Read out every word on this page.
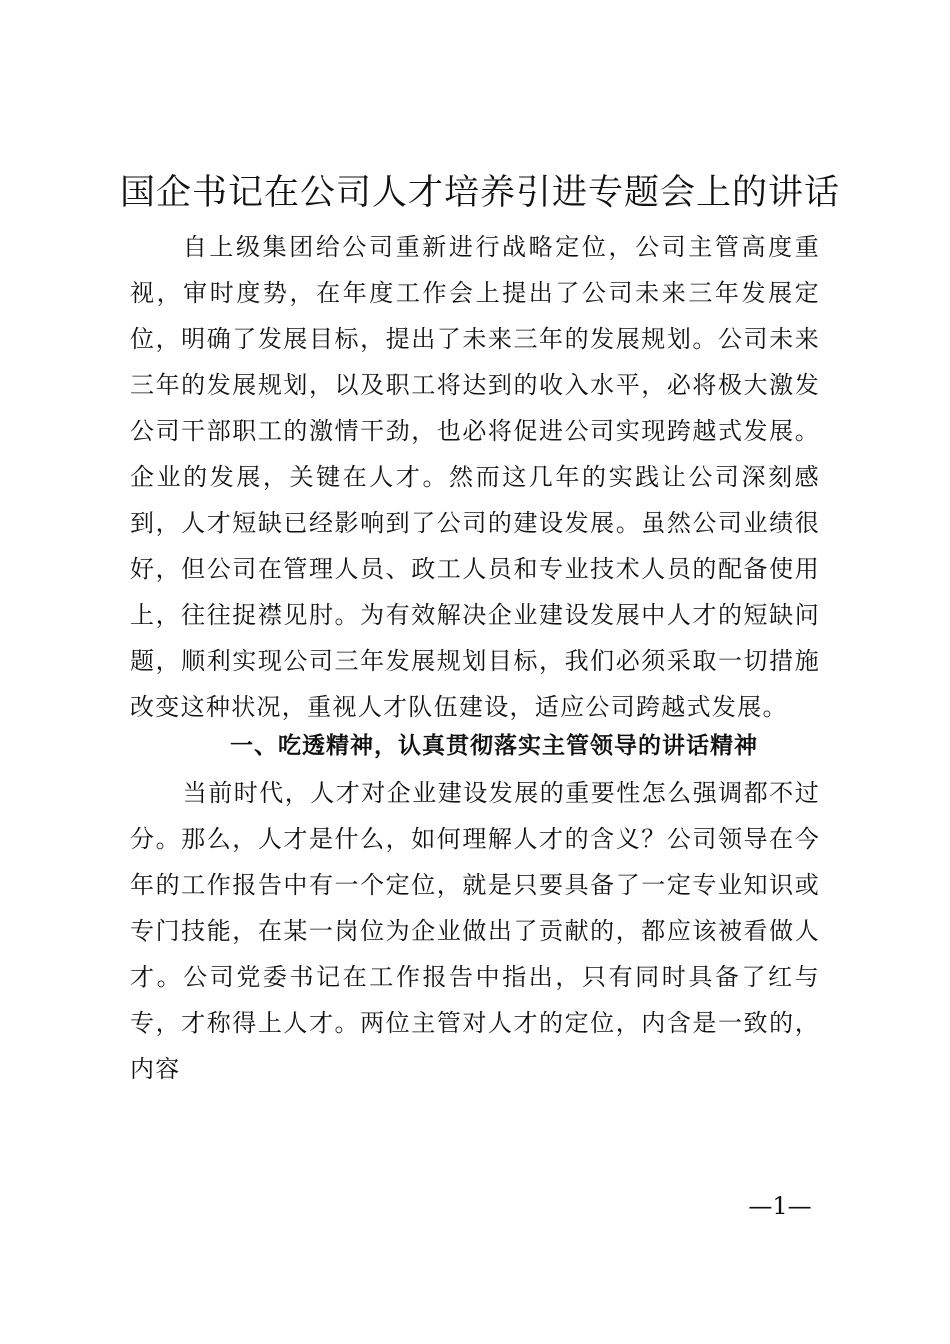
国企书记在公司人才培养引进专题会上的讲话

自上级集团给公司重新进行战略定位，公司主管高度重视，审时度势，在年度工作会上提出了公司未来三年发展定位，明确了发展目标，提出了未来三年的发展规划。公司未来三年的发展规划，以及职工将达到的收入水平，必将极大激发公司干部职工的激情干劲，也必将促进公司实现跨越式发展。企业的发展，关键在人才。然而这几年的实践让公司深刻感到，人才短缺已经影响到了公司的建设发展。虽然公司业绩很好，但公司在管理人员、政工人员和专业技术人员的配备使用上，往往捉襟见肘。为有效解决企业建设发展中人才的短缺问题，顺利实现公司三年发展规划目标，我们必须采取一切措施改变这种状况，重视人才队伍建设，适应公司跨越式发展。

一、吃透精神，认真贯彻落实主管领导的讲话精神

当前时代，人才对企业建设发展的重要性怎么强调都不过分。那么，人才是什么，如何理解人才的含义？公司领导在今年的工作报告中有一个定位，就是只要具备了一定专业知识或专门技能，在某一岗位为企业做出了贡献的，都应该被看做人才。公司党委书记在工作报告中指出，只有同时具备了红与专，才称得上人才。两位主管对人才的定位，内含是一致的，内容

—1—
